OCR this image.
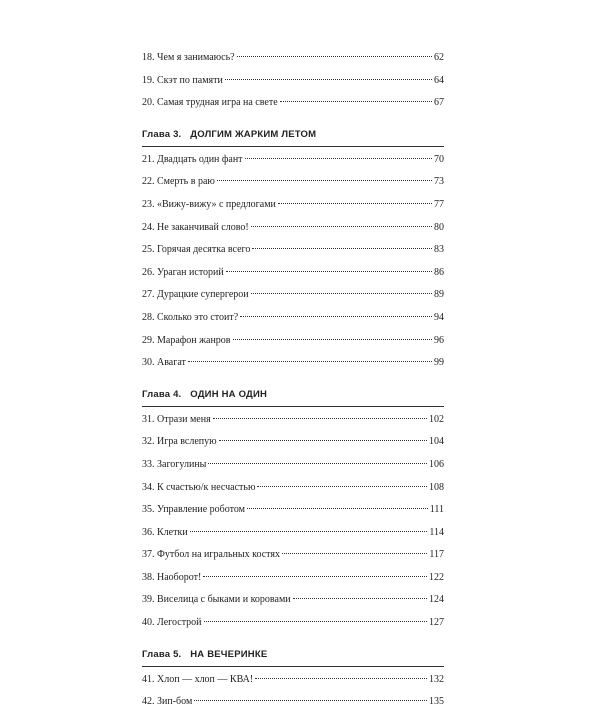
18. Чем я занимаюсь?	62
19. Скэт по памяти	64
20. Самая трудная игра на свете	67
Глава 3. ДОЛГИМ ЖАРКИМ ЛЕТОМ
21. Двадцать один фант	70
22. Смерть в раю	73
23. «Вижу-вижу» с предлогами	77
24. Не заканчивай слово!	80
25. Горячая десятка всего	83
26. Ураган историй	86
27. Дурацкие супергерои	89
28. Сколько это стоит?	94
29. Марафон жанров	96
30. Авагат	99
Глава 4. ОДИН НА ОДИН
31. Отрази меня	102
32. Игра вслепую	104
33. Загогулины	106
34. К счастью/к несчастью	108
35. Управление роботом	111
36. Клетки	114
37. Футбол на игральных костях	117
38. Наоборот!	122
39. Виселица с быками и коровами	124
40. Легострой	127
Глава 5. НА ВЕЧЕРИНКЕ
41. Хлоп — хлоп — КВА!	132
42. Зип-бом	135
